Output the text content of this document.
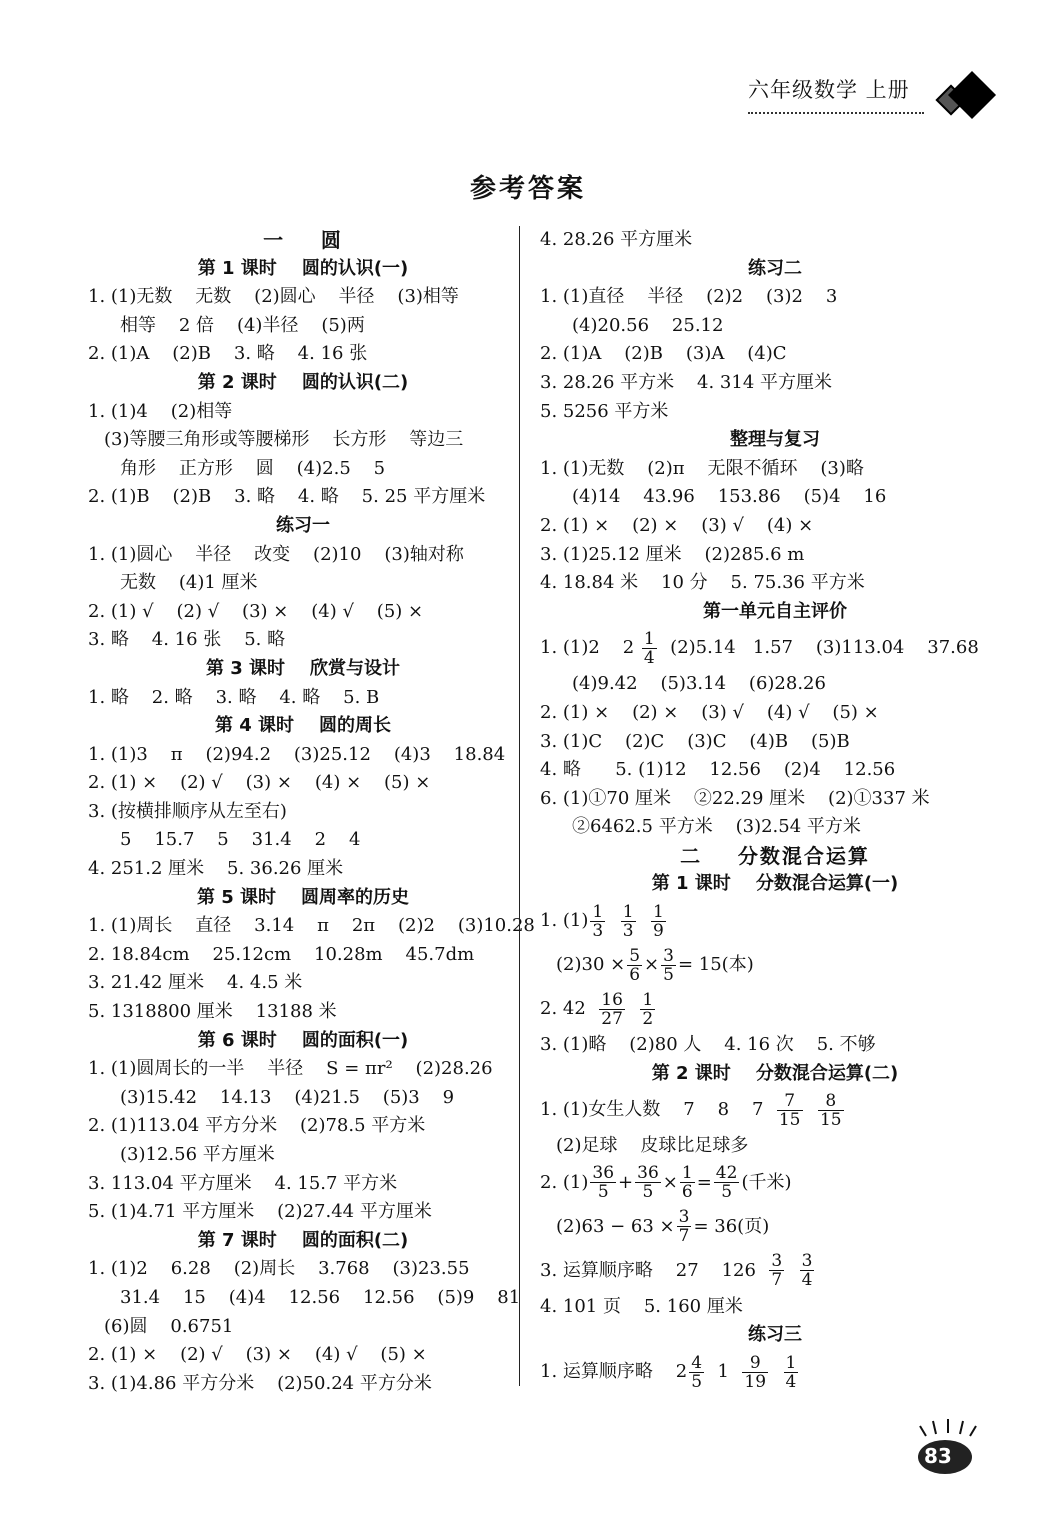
六年级数学 上册
参考答案
一    圆
第 1 课时    圆的认识(一)
1. (1)无数    无数    (2)圆心    半径    (3)相等
相等    2 倍    (4)半径    (5)两
2. (1)A    (2)B    3. 略    4. 16 张
第 2 课时    圆的认识(二)
1. (1)4    (2)相等
(3)等腰三角形或等腰梯形    长方形    等边三
角形    正方形    圆    (4)2.5    5
2. (1)B    (2)B    3. 略    4. 略    5. 25 平方厘米
练习一
1. (1)圆心    半径    改变    (2)10    (3)轴对称
无数    (4)1 厘米
2. (1) √    (2) √    (3) ×    (4) √    (5) ×
3. 略    4. 16 张    5. 略
第 3 课时    欣赏与设计
1. 略    2. 略    3. 略    4. 略    5. B
第 4 课时    圆的周长
1. (1)3    π    (2)94.2    (3)25.12    (4)3    18.84
2. (1) ×    (2) √    (3) ×    (4) ×    (5) ×
3. (按横排顺序从左至右)
5    15.7    5    31.4    2    4
4. 251.2 厘米    5. 36.26 厘米
第 5 课时    圆周率的历史
1. (1)周长    直径    3.14    π    2π    (2)2    (3)10.28
2. 18.84cm    25.12cm    10.28m    45.7dm
3. 21.42 厘米    4. 4.5 米
5. 1318800 厘米    13188 米
第 6 课时    圆的面积(一)
1. (1)圆周长的一半    半径    S = πr²    (2)28.26
(3)15.42    14.13    (4)21.5    (5)3    9
2. (1)113.04 平方分米    (2)78.5 平方米
(3)12.56 平方厘米
3. 113.04 平方厘米    4. 15.7 平方米
5. (1)4.71 平方厘米    (2)27.44 平方厘米
第 7 课时    圆的面积(二)
1. (1)2    6.28    (2)周长    3.768    (3)23.55
31.4    15    (4)4    12.56    12.56    (5)9    81
(6)圆    0.6751
2. (1) ×    (2) √    (3) ×    (4) √    (5) ×
3. (1)4.86 平方分米    (2)50.24 平方分米
4. 28.26 平方厘米
练习二
1. (1)直径    半径    (2)2    (3)2    3
(4)20.56    25.12
2. (1)A    (2)B    (3)A    (4)C
3. 28.26 平方米    4. 314 平方厘米
5. 5256 平方米
整理与复习
1. (1)无数    (2)π    无限不循环    (3)略
(4)14    43.96    153.86    (5)4    16
2. (1) ×    (2) ×    (3) √    (4) ×
3. (1)25.12 厘米    (2)285.6 m
4. 18.84 米    10 分    5. 75.36 平方米
第一单元自主评价
1. (1)2    $2 \frac{1}{4} (2)5.14$   1.57    (3)113.04    37.68
(4)9.42    (5)3.14    (6)28.26
2. (1) ×    (2) ×    (3) √    (4) √    (5) ×
3. (1)C    (2)C    (3)C    (4)B    (5)B
4. 略      5. (1)12    12.56    (2)4    12.56
6. (1)①70 厘米    ②22.29 厘米    (2)①337 米
②6462.5 平方米    (3)2.54 平方米
二    分数混合运算
第 1 课时    分数混合运算(一)
1. $(1) \frac{1}{3}$
$\frac{1}{3}$
$\frac{1}{9}$
$(2)30 \times \frac{5}{6} \times \frac{3}{5} = 15$(本)
2. $42 \frac{16}{27}$
$\frac{1}{2}$
3. (1)略    (2)80 人    4. 16 次    5. 不够
第 2 课时    分数混合运算(二)
1. (1)女生人数    7    8    $7 \frac{7}{15}$
$\frac{8}{15}$
(2)足球    皮球比足球多
2. $(1) \frac{36}{5} + \frac{36}{5} \times \frac{1}{6} = \frac{42}{5}$ (千米)
$(2)63 - 63 \times \frac{3}{7} = 36$(页)
3. 运算顺序略    27    $126 \frac{3}{7}$
$\frac{3}{4}$
4. 101 页    5. 160 厘米
练习三
1. 运算顺序略    $2 \frac{4}{5} 1 \frac{9}{19}$
$\frac{1}{4}$
83
